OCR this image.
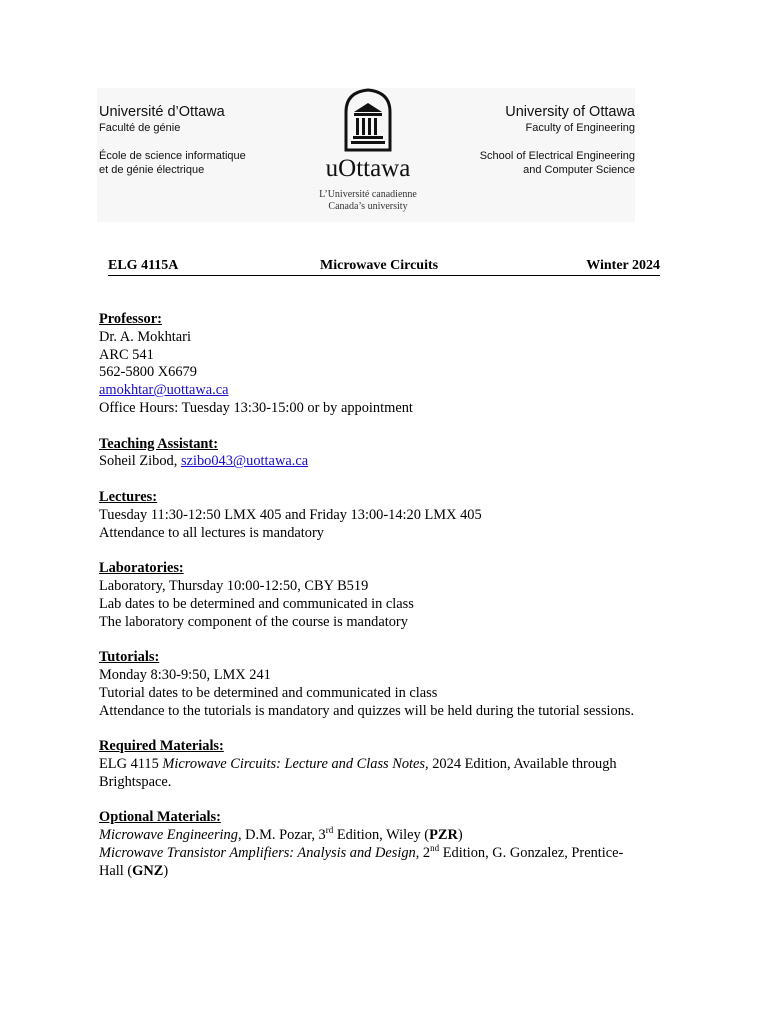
Université d’Ottawa
Faculté de génie
École de science informatique
et de génie électrique	uOttawa
L’Université canadienne
Canada’s university
University of Ottawa
Faculty of Engineering
School of Electrical Engineering
and Computer Science
ELG 4115A	Microwave Circuits	Winter 2024
Professor:
Dr. A. Mokhtari
ARC 541
562-5800 X6679
amokhtar@uottawa.ca
Office Hours: Tuesday 13:30-15:00 or by appointment
Teaching Assistant:
Soheil Zibod, szibo043@uottawa.ca
Lectures:
Tuesday 11:30-12:50 LMX 405 and Friday 13:00-14:20 LMX 405
Attendance to all lectures is mandatory
Laboratories:
Laboratory, Thursday 10:00-12:50, CBY B519
Lab dates to be determined and communicated in class
The laboratory component of the course is mandatory
Tutorials:
Monday 8:30-9:50, LMX 241
Tutorial dates to be determined and communicated in class
Attendance to the tutorials is mandatory and quizzes will be held during the tutorial sessions.
Required Materials:
ELG 4115 Microwave Circuits: Lecture and Class Notes, 2024 Edition, Available through
Brightspace.
Optional Materials:
Microwave Engineering, D.M. Pozar, 3rd Edition, Wiley (PZR)
Microwave Transistor Amplifiers: Analysis and Design, 2nd Edition, G. Gonzalez, Prentice-
Hall (GNZ)
